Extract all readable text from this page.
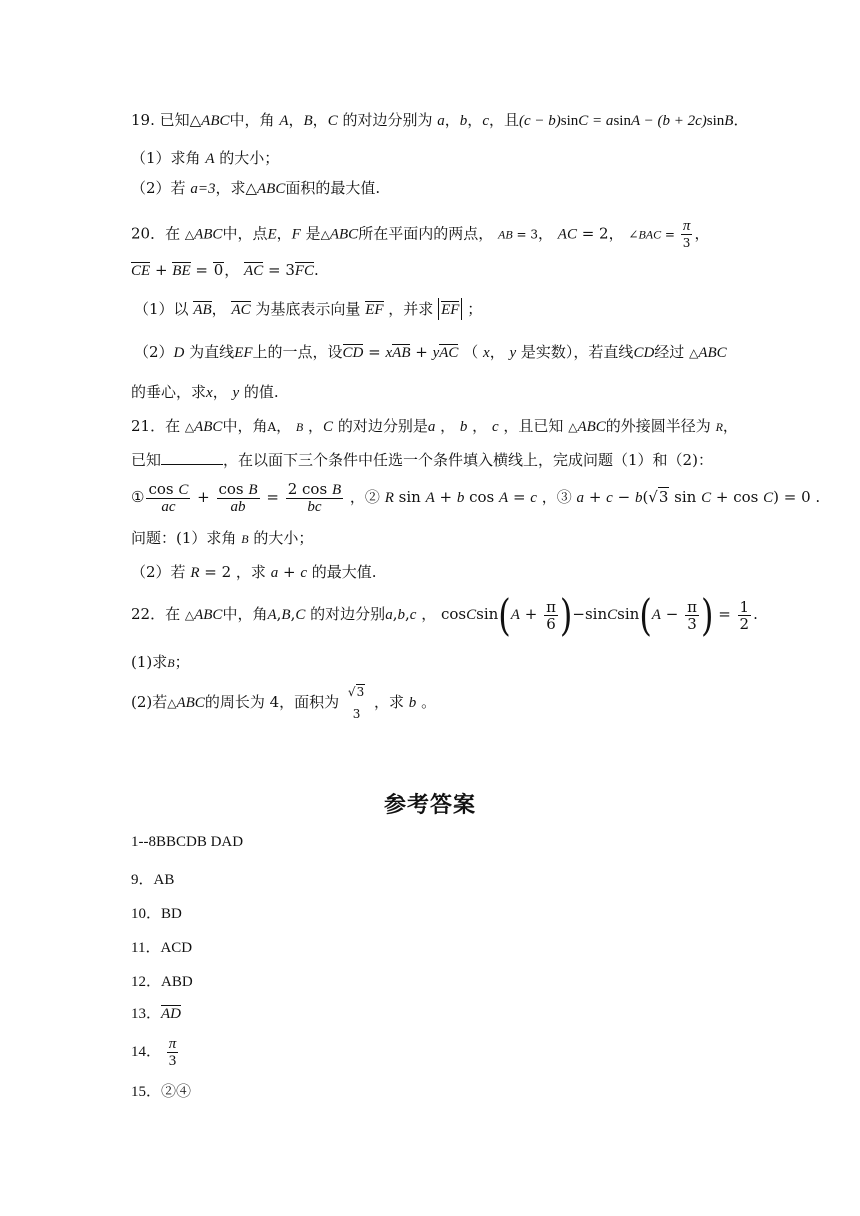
19. 已知△ABC中，角 A，B，C 的对边分别为 a，b，c，且(c − b)sinC = asinA − (b + 2c)sinB．
（1）求角 A 的大小；
（2）若 a=3，求△ABC面积的最大值.
20．在 △ABC中，点E，F 是△ABC所在平面内的两点， AB = 3， AC = 2， ∠BAC = $\frac{\pi}{3}$ ，
CE + BE = 0， AC = 3FC.
（1）以 AB， AC 为基底表示向量 EF ，并求 EF ；
（2）D 为直线EF上的一点，设CD = xAB + yAC （ x， y 是实数），若直线CD经过 △ABC
的垂心，求x， y 的值.
21．在 △ABC中，角A， B ，C 的对边分别是a ， b ， c ，且已知 △ABC的外接圆半径为 R，
已知	，在以面下三个条件中任选一个条件填入横线上，完成问题（1）和（2)：
① $\frac{\text{cos C}}{ac} + \frac{\text{cos B}}{ab} = \frac{\text{2 cos B}}{bc}$ ，② R sin A + b cos A = c ，③ a + c − b(√3 sin C + cos C) = 0 .
问题：(1）求角 B 的大小；
（2）若 R = 2 ，求 a + c 的最大值.
22．在 △ABC中，角A,B,C 的对边分别a,b,c ， cosCsin(A + $\frac{\pi}{6}$ )−sinCsin(A − $\frac{\pi}{3}$ ) = $\frac{1}{2}$ .
(1)求B；
(2)若△ABC的周长为 4，面积为
√3
3
，求 b 。
参考答案
1--8BBCDB DAD
9．AB
10．BD
11．ACD
12．ABD
13．AD
14． $\frac{\pi}{3}$
15．②④
